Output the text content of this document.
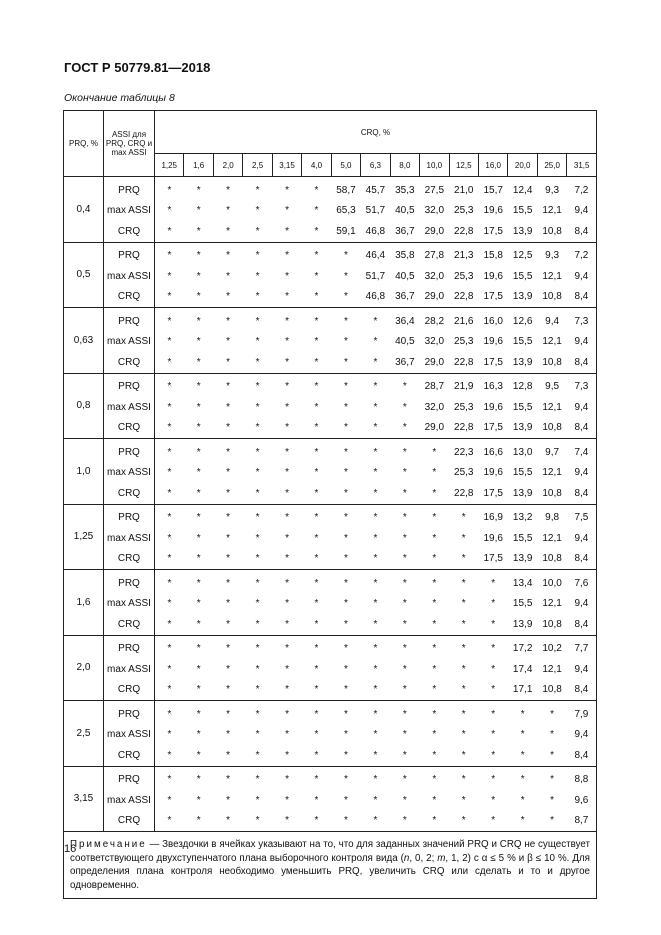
ГОСТ Р 50779.81—2018
Окончание таблицы 8
PRQ, %	ASSI для PRQ, CRQ и max ASSI	CRQ, %														
		1,25	1,6	2,0	2,5	3,15	4,0	5,0	6,3	8,0	10,0	12,5	16,0	20,0	25,0	31,5
0,4	PRQ	*	*	*	*	*	*	58,7	45,7	35,3	27,5	21,0	15,7	12,4	9,3	7,2
	max ASSI	*	*	*	*	*	*	65,3	51,7	40,5	32,0	25,3	19,6	15,5	12,1	9,4
	CRQ	*	*	*	*	*	*	59,1	46,8	36,7	29,0	22,8	17,5	13,9	10,8	8,4
0,5	PRQ	*	*	*	*	*	*	*	46,4	35,8	27,8	21,3	15,8	12,5	9,3	7,2
	max ASSI	*	*	*	*	*	*	*	51,7	40,5	32,0	25,3	19,6	15,5	12,1	9,4
	CRQ	*	*	*	*	*	*	*	46,8	36,7	29,0	22,8	17,5	13,9	10,8	8,4
0,63	PRQ	*	*	*	*	*	*	*	*	36,4	28,2	21,6	16,0	12,6	9,4	7,3
	max ASSI	*	*	*	*	*	*	*	*	40,5	32,0	25,3	19,6	15,5	12,1	9,4
	CRQ	*	*	*	*	*	*	*	*	36,7	29,0	22,8	17,5	13,9	10,8	8,4
0,8	PRQ	*	*	*	*	*	*	*	*	*	28,7	21,9	16,3	12,8	9,5	7,3
	max ASSI	*	*	*	*	*	*	*	*	*	32,0	25,3	19,6	15,5	12,1	9,4
	CRQ	*	*	*	*	*	*	*	*	*	29,0	22,8	17,5	13,9	10,8	8,4
1,0	PRQ	*	*	*	*	*	*	*	*	*	*	22,3	16,6	13,0	9,7	7,4
	max ASSI	*	*	*	*	*	*	*	*	*	*	25,3	19,6	15,5	12,1	9,4
	CRQ	*	*	*	*	*	*	*	*	*	*	22,8	17,5	13,9	10,8	8,4
1,25	PRQ	*	*	*	*	*	*	*	*	*	*	*	16,9	13,2	9,8	7,5
	max ASSI	*	*	*	*	*	*	*	*	*	*	*	19,6	15,5	12,1	9,4
	CRQ	*	*	*	*	*	*	*	*	*	*	*	17,5	13,9	10,8	8,4
1,6	PRQ	*	*	*	*	*	*	*	*	*	*	*	*	13,4	10,0	7,6
	max ASSI	*	*	*	*	*	*	*	*	*	*	*	*	15,5	12,1	9,4
	CRQ	*	*	*	*	*	*	*	*	*	*	*	*	13,9	10,8	8,4
2,0	PRQ	*	*	*	*	*	*	*	*	*	*	*	*	17,2	10,2	7,7
	max ASSI	*	*	*	*	*	*	*	*	*	*	*	*	17,4	12,1	9,4
	CRQ	*	*	*	*	*	*	*	*	*	*	*	*	17,1	10,8	8,4
2,5	PRQ	*	*	*	*	*	*	*	*	*	*	*	*	*	*	7,9
	max ASSI	*	*	*	*	*	*	*	*	*	*	*	*	*	*	9,4
	CRQ	*	*	*	*	*	*	*	*	*	*	*	*	*	*	8,4
3,15	PRQ	*	*	*	*	*	*	*	*	*	*	*	*	*	*	8,8
	max ASSI	*	*	*	*	*	*	*	*	*	*	*	*	*	*	9,6
	CRQ	*	*	*	*	*	*	*	*	*	*	*	*	*	*	8,7
Примечание — Звездочки в ячейках указывают на то, что для заданных значений PRQ и CRQ не существует соответствующего двухступенчатого плана выборочного контроля вида (n, 0, 2; m, 1, 2) с α ≤ 5 % и β ≤ 10 %. Для определения плана контроля необходимо уменьшить PRQ, увеличить CRQ или сделать и то и другое одновременно.																
16
